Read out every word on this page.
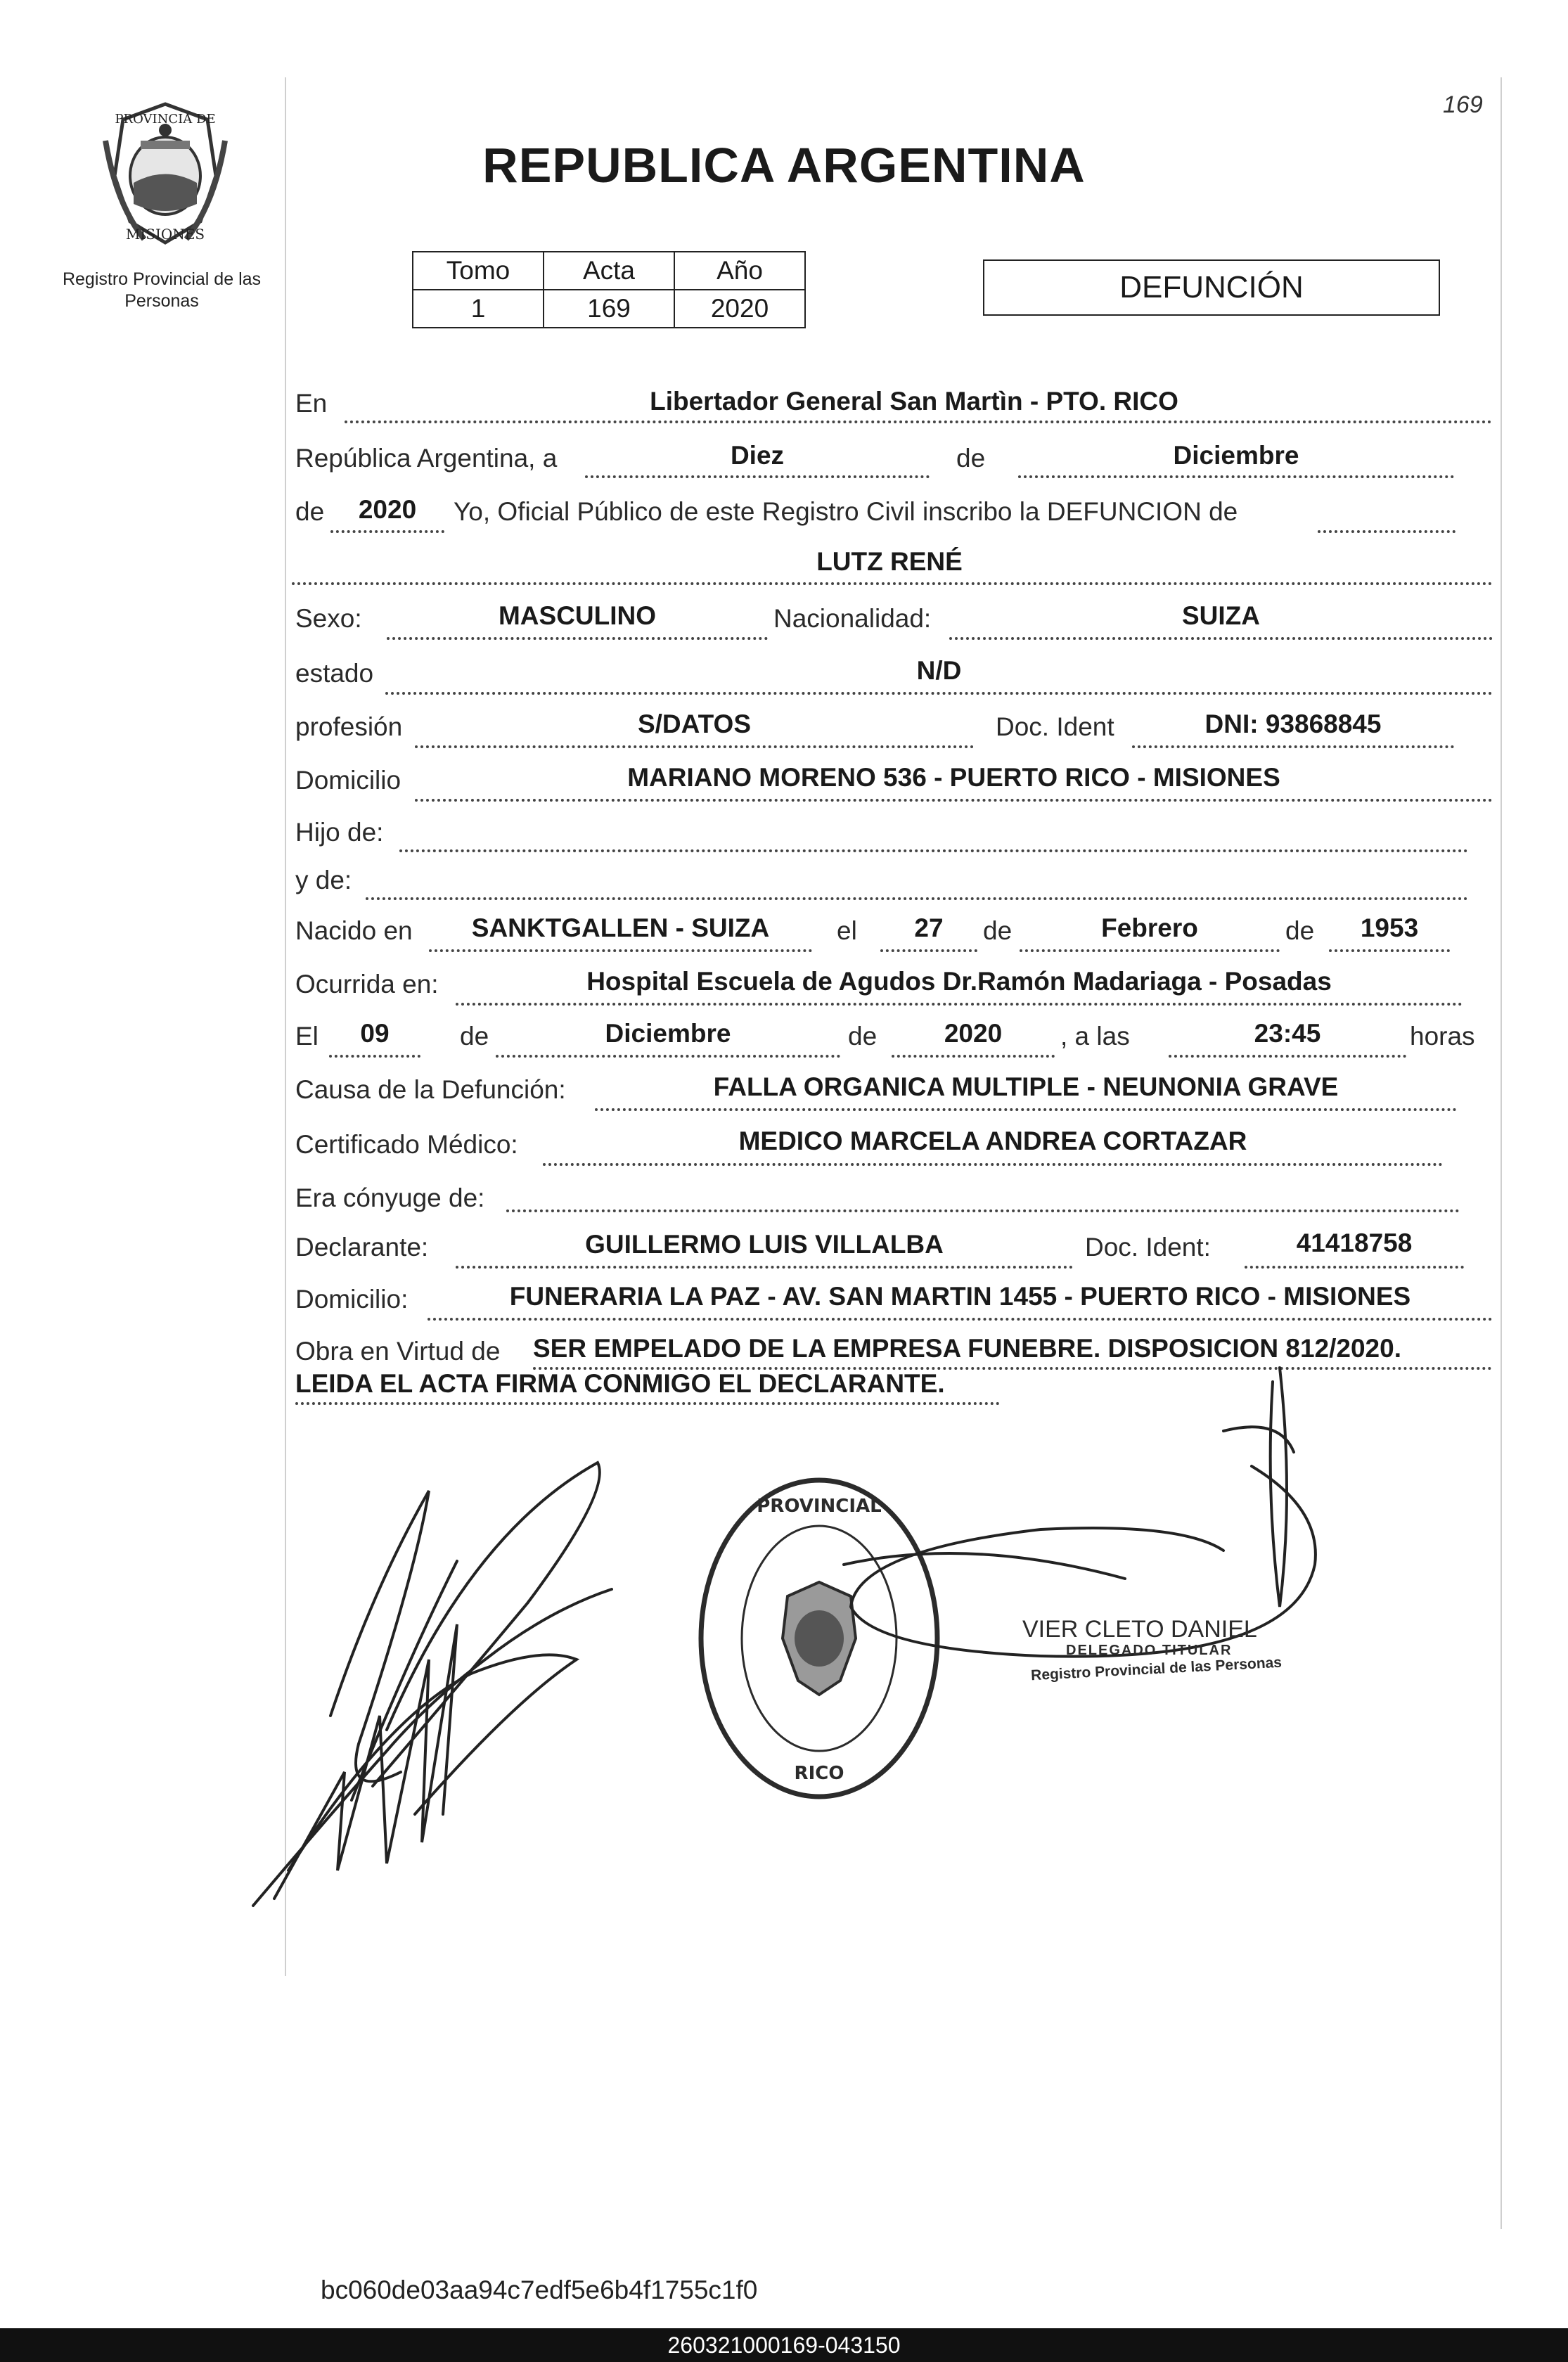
PROVINCIA DE
MISIONES
Registro Provincial de las Personas
169
REPUBLICA ARGENTINA
Tomo	Acta	Año
1	169	2020
DEFUNCIÓN
En	Libertador General San Martìn - PTO. RICO
República Argentina, a	Diez	de	Diciembre
de	2020	Yo, Oficial Público de este Registro Civil inscribo la DEFUNCION de
LUTZ RENÉ
Sexo:	MASCULINO	Nacionalidad:	SUIZA
estado	N/D
profesión	S/DATOS	Doc. Ident	DNI: 93868845
Domicilio	MARIANO MORENO 536 - PUERTO RICO - MISIONES
Hijo de:
y de:
Nacido en	SANKTGALLEN - SUIZA	el	27	de	Febrero	de	1953
Ocurrida en:	Hospital Escuela de Agudos Dr.Ramón Madariaga - Posadas
El	09	de	Diciembre	de	2020	, a las	23:45	horas
Causa de la Defunción:	FALLA ORGANICA MULTIPLE - NEUNONIA GRAVE
Certificado Médico:	MEDICO MARCELA ANDREA CORTAZAR
Era cónyuge de:
Declarante:	GUILLERMO LUIS VILLALBA	Doc. Ident:	41418758
Domicilio:	FUNERARIA LA PAZ - AV. SAN MARTIN 1455 - PUERTO RICO - MISIONES
Obra en Virtud de SER EMPELADO DE LA EMPRESA FUNEBRE. DISPOSICION 812/2020.
LEIDA EL ACTA FIRMA CONMIGO EL DECLARANTE.
PROVINCIAL
RICO
VIER CLETO DANIEL
DELEGADO TITULAR
Registro Provincial de las Personas
bc060de03aa94c7edf5e6b4f1755c1f0
260321000169-043150
